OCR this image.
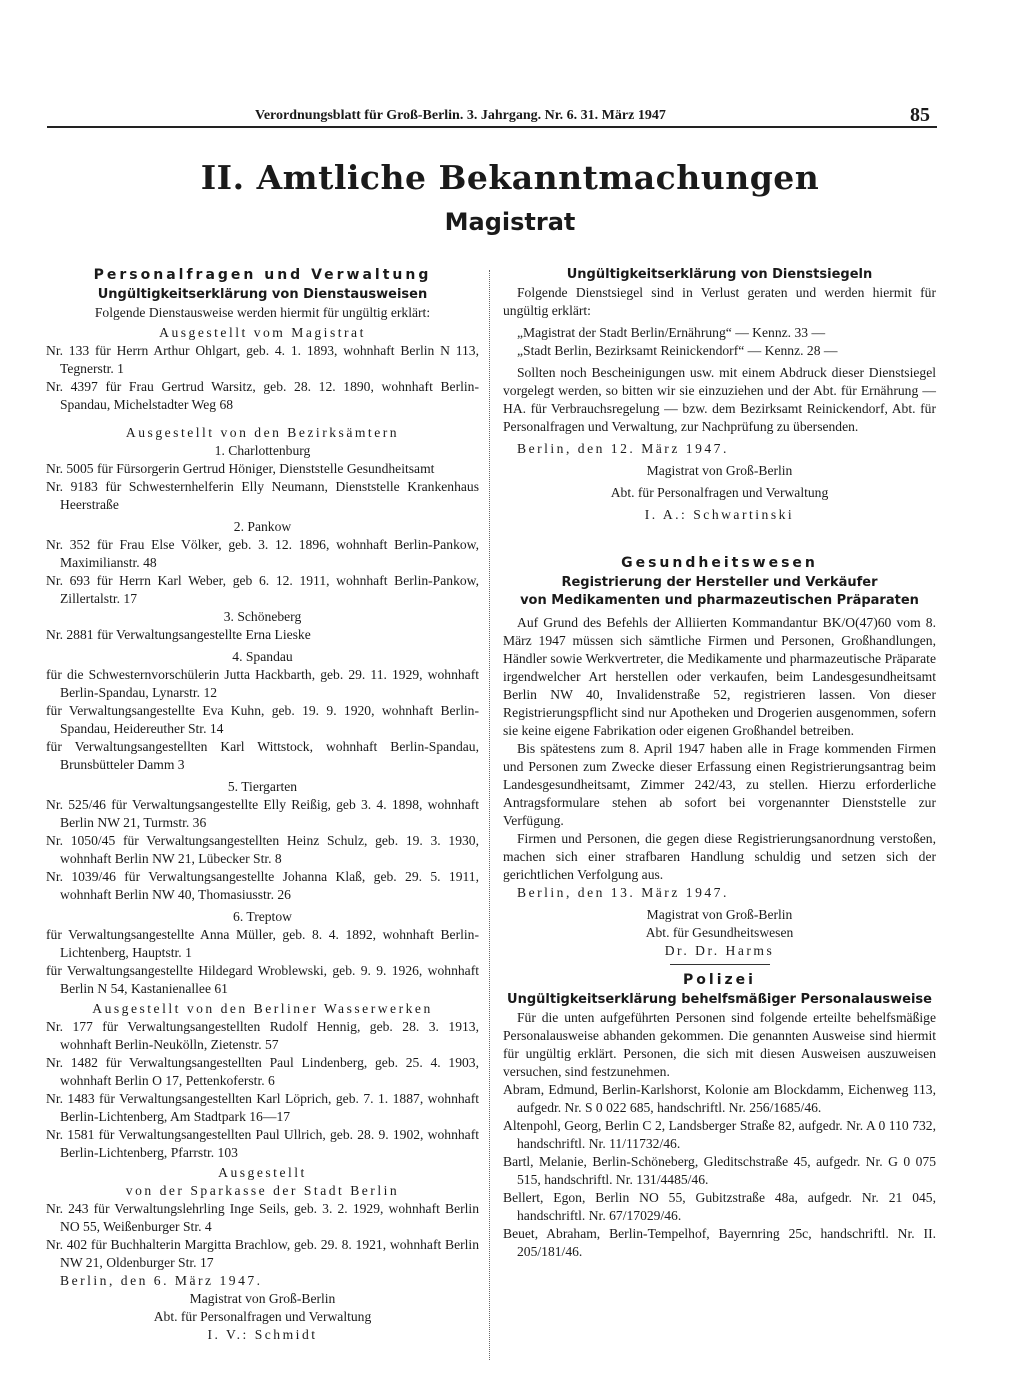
Verordnungsblatt für Groß-Berlin. 3. Jahrgang. Nr. 6. 31. März 1947	85
II. Amtliche Bekanntmachungen
Magistrat

Personalfragen und Verwaltung

Ungültigkeitserklärung von Dienstausweisen

Folgende Dienstausweise werden hiermit für ungültig erklärt:

Ausgestellt vom Magistrat

Nr. 133 für Herrn Arthur Ohlgart, geb. 4. 1. 1893, wohnhaft Berlin N 113, Tegnerstr. 1

Nr. 4397 für Frau Gertrud Warsitz, geb. 28. 12. 1890, wohnhaft Berlin-Spandau, Michelstadter Weg 68

Ausgestellt von den Bezirksämtern

1. Charlottenburg

Nr. 5005 für Fürsorgerin Gertrud Höniger, Dienststelle Gesundheitsamt

Nr. 9183 für Schwesternhelferin Elly Neumann, Dienststelle Krankenhaus Heerstraße

2. Pankow

Nr. 352 für Frau Else Völker, geb. 3. 12. 1896, wohnhaft Berlin-Pankow, Maximilianstr. 48

Nr. 693 für Herrn Karl Weber, geb 6. 12. 1911, wohnhaft Berlin-Pankow, Zillertalstr. 17

3. Schöneberg

Nr. 2881 für Verwaltungsangestellte Erna Lieske

4. Spandau

für die Schwesternvorschülerin Jutta Hackbarth, geb. 29. 11. 1929, wohnhaft Berlin-Spandau, Lynarstr. 12

für Verwaltungsangestellte Eva Kuhn, geb. 19. 9. 1920, wohnhaft Berlin-Spandau, Heidereuther Str. 14

für Verwaltungsangestellten Karl Wittstock, wohnhaft Berlin-Spandau, Brunsbütteler Damm 3

5. Tiergarten

Nr. 525/46 für Verwaltungsangestellte Elly Reißig, geb 3. 4. 1898, wohnhaft Berlin NW 21, Turmstr. 36

Nr. 1050/45 für Verwaltungsangestellten Heinz Schulz, geb. 19. 3. 1930, wohnhaft Berlin NW 21, Lübecker Str. 8

Nr. 1039/46 für Verwaltungsangestellte Johanna Klaß, geb. 29. 5. 1911, wohnhaft Berlin NW 40, Thomasiusstr. 26

6. Treptow

für Verwaltungsangestellte Anna Müller, geb. 8. 4. 1892, wohnhaft Berlin-Lichtenberg, Hauptstr. 1

für Verwaltungsangestellte Hildegard Wroblewski, geb. 9. 9. 1926, wohnhaft Berlin N 54, Kastanienallee 61

Ausgestellt von den Berliner Wasserwerken

Nr. 177 für Verwaltungsangestellten Rudolf Hennig, geb. 28. 3. 1913, wohnhaft Berlin-Neukölln, Zietenstr. 57

Nr. 1482 für Verwaltungsangestellten Paul Lindenberg, geb. 25. 4. 1903, wohnhaft Berlin O 17, Pettenkoferstr. 6

Nr. 1483 für Verwaltungsangestellten Karl Löprich, geb. 7. 1. 1887, wohnhaft Berlin-Lichtenberg, Am Stadtpark 16—17

Nr. 1581 für Verwaltungsangestellten Paul Ullrich, geb. 28. 9. 1902, wohnhaft Berlin-Lichtenberg, Pfarrstr. 103

Ausgestellt

von der Sparkasse der Stadt Berlin

Nr. 243 für Verwaltungslehrling Inge Seils, geb. 3. 2. 1929, wohnhaft Berlin NO 55, Weißenburger Str. 4

Nr. 402 für Buchhalterin Margitta Brachlow, geb. 29. 8. 1921, wohnhaft Berlin NW 21, Oldenburger Str. 17

Berlin, den 6. März 1947.

Magistrat von Groß-Berlin

Abt. für Personalfragen und Verwaltung

I. V.: Schmidt

Ungültigkeitserklärung von Dienstsiegeln

Folgende Dienstsiegel sind in Verlust geraten und werden hiermit für ungültig erklärt:

„Magistrat der Stadt Berlin/Ernährung“ — Kennz. 33 —

„Stadt Berlin, Bezirksamt Reinickendorf“ — Kennz. 28 —

Sollten noch Bescheinigungen usw. mit einem Abdruck dieser Dienstsiegel vorgelegt werden, so bitten wir sie einzuziehen und der Abt. für Ernährung — HA. für Verbrauchsregelung — bzw. dem Bezirksamt Reinickendorf, Abt. für Personalfragen und Verwaltung, zur Nachprüfung zu übersenden.

Berlin, den 12. März 1947.

Magistrat von Groß-Berlin

Abt. für Personalfragen und Verwaltung

I. A.: Schwartinski

Gesundheitswesen

Registrierung der Hersteller und Verkäufer

von Medikamenten und pharmazeutischen Präparaten

Auf Grund des Befehls der Alliierten Kommandantur BK/O(47)60 vom 8. März 1947 müssen sich sämtliche Firmen und Personen, Großhandlungen, Händler sowie Werkvertreter, die Medikamente und pharmazeutische Präparate irgendwelcher Art herstellen oder verkaufen, beim Landesgesundheitsamt Berlin NW 40, Invalidenstraße 52, registrieren lassen. Von dieser Registrierungspflicht sind nur Apotheken und Drogerien ausgenommen, sofern sie keine eigene Fabrikation oder eigenen Großhandel betreiben.

Bis spätestens zum 8. April 1947 haben alle in Frage kommenden Firmen und Personen zum Zwecke dieser Erfassung einen Registrierungsantrag beim Landesgesundheitsamt, Zimmer 242/43, zu stellen. Hierzu erforderliche Antragsformulare stehen ab sofort bei vorgenannter Dienststelle zur Verfügung.

Firmen und Personen, die gegen diese Registrierungsanordnung verstoßen, machen sich einer strafbaren Handlung schuldig und setzen sich der gerichtlichen Verfolgung aus.

Berlin, den 13. März 1947.

Magistrat von Groß-Berlin

Abt. für Gesundheitswesen

Dr. Dr. Harms

Polizei

Ungültigkeitserklärung behelfsmäßiger Personalausweise

Für die unten aufgeführten Personen sind folgende erteilte behelfsmäßige Personalausweise abhanden gekommen. Die genannten Ausweise sind hiermit für ungültig erklärt. Personen, die sich mit diesen Ausweisen auszuweisen versuchen, sind festzunehmen.

Abram, Edmund, Berlin-Karlshorst, Kolonie am Blockdamm, Eichenweg 113, aufgedr. Nr. S 0 022 685, handschriftl. Nr. 256/1685/46.

Altenpohl, Georg, Berlin C 2, Landsberger Straße 82, aufgedr. Nr. A 0 110 732, handschriftl. Nr. 11/11732/46.

Bartl, Melanie, Berlin-Schöneberg, Gleditschstraße 45, aufgedr. Nr. G 0 075 515, handschriftl. Nr. 131/4485/46.

Bellert, Egon, Berlin NO 55, Gubitzstraße 48a, aufgedr. Nr. 21 045, handschriftl. Nr. 67/17029/46.

Beuet, Abraham, Berlin-Tempelhof, Bayernring 25c, handschriftl. Nr. II. 205/181/46.
